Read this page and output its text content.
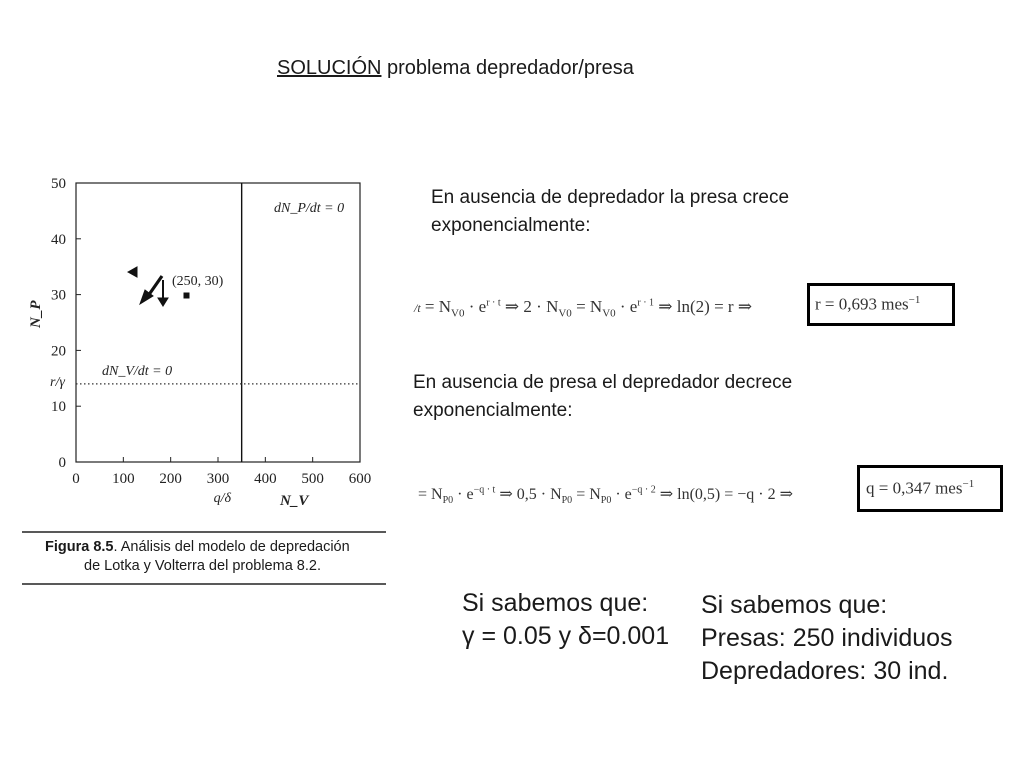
SOLUCIÓN problema depredador/presa
0
10
20
30
40
50
0 100 200 300 400 500 600
dN_P/dt = 0
dN_V/dt = 0
(250, 30)
N_P
N_V
r/γ
q/δ
Figura 8.5. Análisis del modelo de depredación
de Lotka y Volterra del problema 8.2.
En ausencia de depredador la presa crece
exponencialmente:
$/t = N_{V0} \cdot e^{r \cdot t}$ ⇒ $2 \cdot N_{V0} = N_{V0} \cdot e^{r \cdot 1}$ ⇒ ln(2) = r ⇒	r = 0,693 mes$^{-1}$
En ausencia de presa el depredador decrece
exponencialmente:
= $N_{P0} \cdot e^{-q \cdot t}$ ⇒ $0,5 \cdot N_{P0} = N_{P0} \cdot e^{-q \cdot 2}$ ⇒ ln(0,5) = −q · 2 ⇒	q = 0,347 mes$^{-1}$
Si sabemos que:
γ = 0.05 y δ=0.001
Si sabemos que:
Presas: 250 individuos
Depredadores: 30 ind.
